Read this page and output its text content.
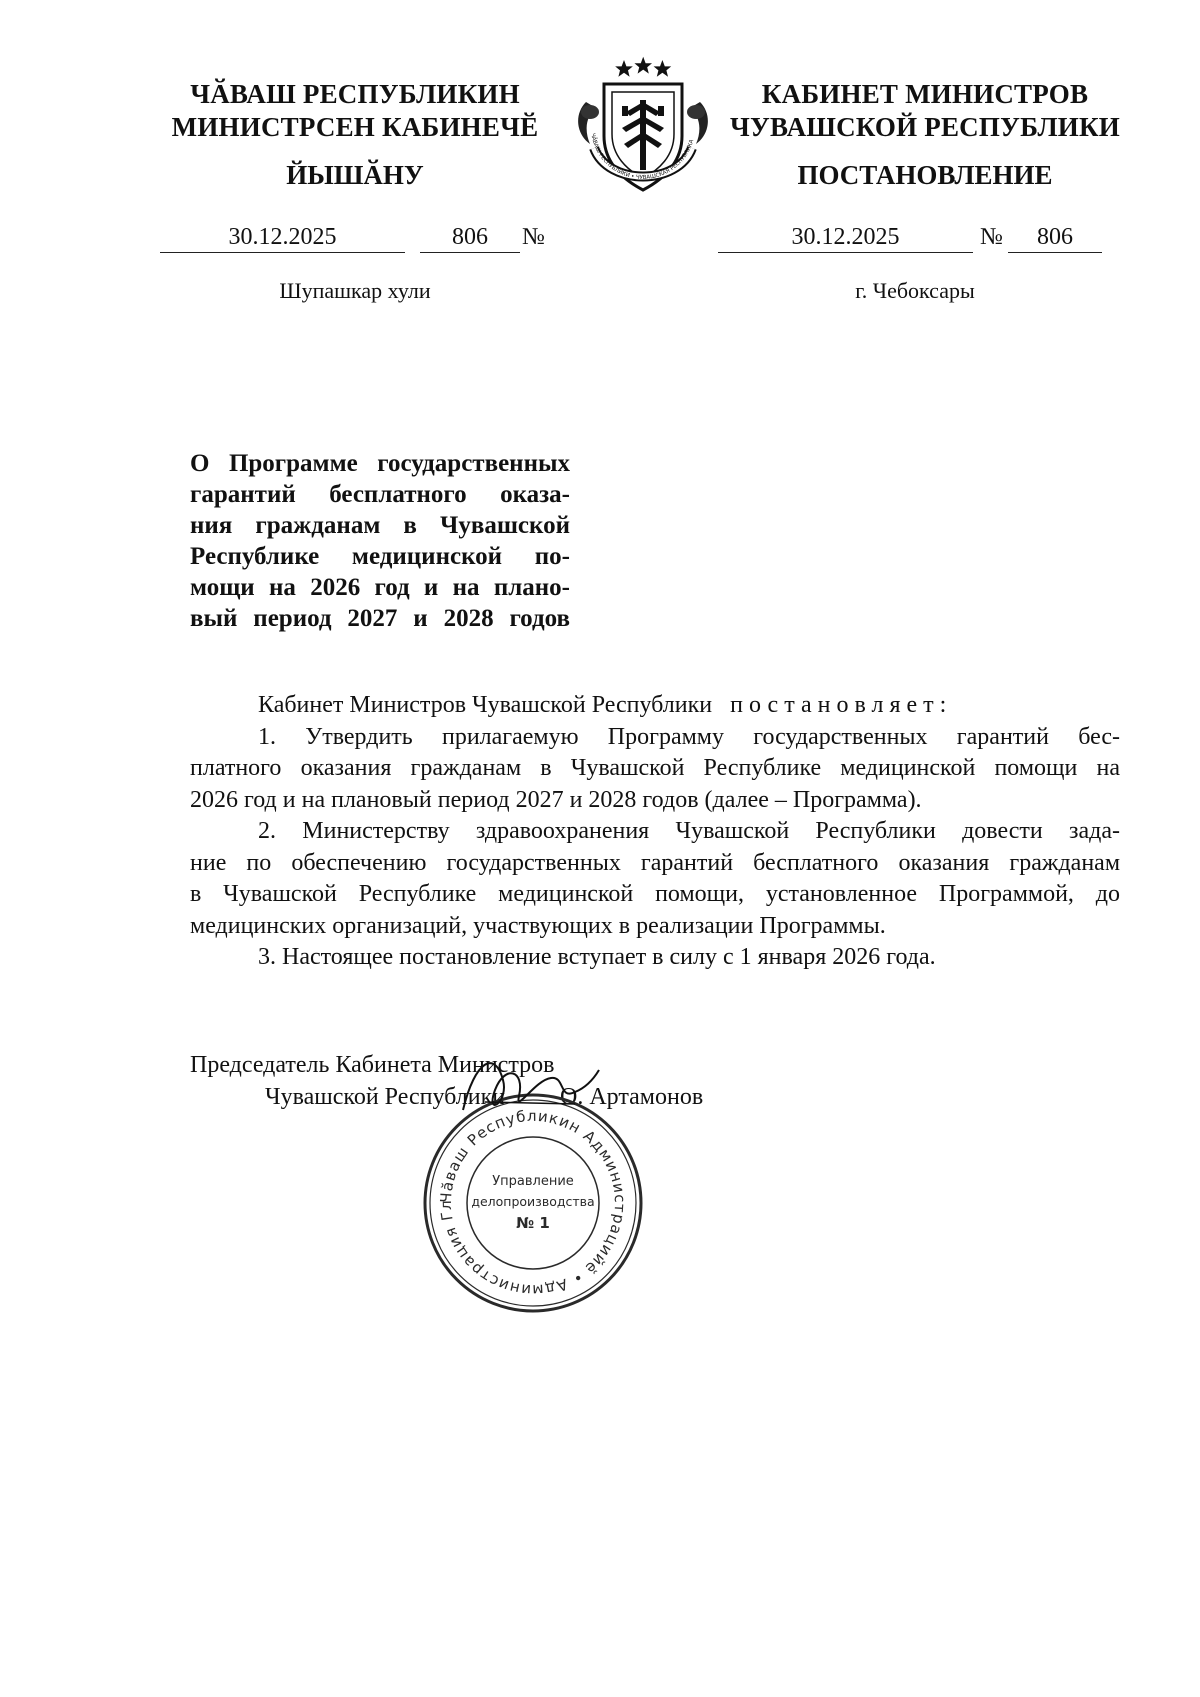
ЧӐВАШ РЕСПУБЛИКИН
МИНИСТРСЕН КАБИНЕЧӖ
ЙЫШӐНУ
ЧӐВАШ РЕСПУБЛИКИ • ЧУВАШСКАЯ РЕСПУБЛИКА
КАБИНЕТ МИНИСТРОВ
ЧУВАШСКОЙ РЕСПУБЛИКИ
ПОСТАНОВЛЕНИЕ
30.12.2025	806	№	30.12.2025	№	806
Шупашкар хули	г. Чебоксары
О Программе государственных
гарантий бесплатного оказа-
ния гражданам в Чувашской
Республике медицинской по-
мощи на 2026 год и на плано-
вый период 2027 и 2028 годов

Кабинет Министров Чувашской Республики постановляет:

1. Утвердить прилагаемую Программу государственных гарантий бес-
платного оказания гражданам в Чувашской Республике медицинской помощи на
2026 год и на плановый период 2027 и 2028 годов (далее – Программа).

2. Министерству здравоохранения Чувашской Республики довести зада-
ние по обеспечению государственных гарантий бесплатного оказания гражданам
в Чувашской Республике медицинской помощи, установленное Программой, до
медицинских организаций, участвующих в реализации Программы.

3. Настоящее постановление вступает в силу с 1 января 2026 года.

Председатель Кабинета Министров
Чувашской Республики О. Артамонов
Чӑваш Республикин Администрацийӗ • Администрация Гл
Управление
делопроизводства
№ 1
